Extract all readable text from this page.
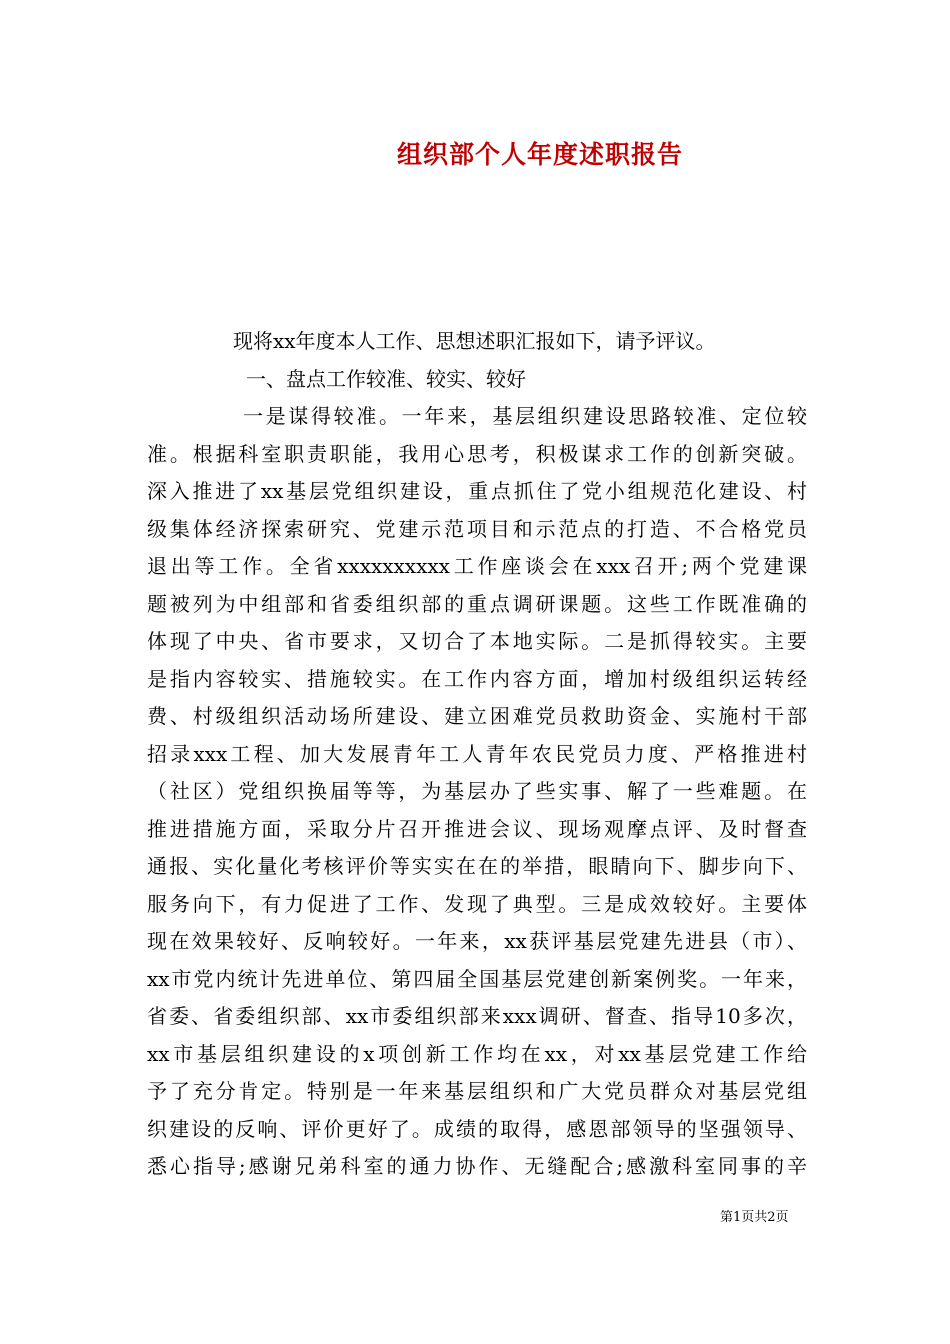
组织部个人年度述职报告
现将xx年度本人工作、思想述职汇报如下，请予评议。
一、盘点工作较准、较实、较好
一是谋得较准。一年来，基层组织建设思路较准、定位较
准。根据科室职责职能，我用心思考，积极谋求工作的创新突破。
深入推进了xx基层党组织建设，重点抓住了党小组规范化建设、村
级集体经济探索研究、党建示范项目和示范点的打造、不合格党员
退出等工作。全省xxxxxxxxxx工作座谈会在xxx召开;两个党建课
题被列为中组部和省委组织部的重点调研课题。这些工作既准确的
体现了中央、省市要求，又切合了本地实际。二是抓得较实。主要
是指内容较实、措施较实。在工作内容方面，增加村级组织运转经
费、村级组织活动场所建设、建立困难党员救助资金、实施村干部
招录xxx工程、加大发展青年工人青年农民党员力度、严格推进村
（社区）党组织换届等等，为基层办了些实事、解了一些难题。在
推进措施方面，采取分片召开推进会议、现场观摩点评、及时督查
通报、实化量化考核评价等实实在在的举措，眼睛向下、脚步向下、
服务向下，有力促进了工作、发现了典型。三是成效较好。主要体
现在效果较好、反响较好。一年来，xx获评基层党建先进县（市）、
xx市党内统计先进单位、第四届全国基层党建创新案例奖。一年来，
省委、省委组织部、xx市委组织部来xxx调研、督查、指导10多次，
xx市基层组织建设的x项创新工作均在xx，对xx基层党建工作给
予了充分肯定。特别是一年来基层组织和广大党员群众对基层党组
织建设的反响、评价更好了。成绩的取得，感恩部领导的坚强领导、
悉心指导;感谢兄弟科室的通力协作、无缝配合;感激科室同事的辛
第1页共2页
